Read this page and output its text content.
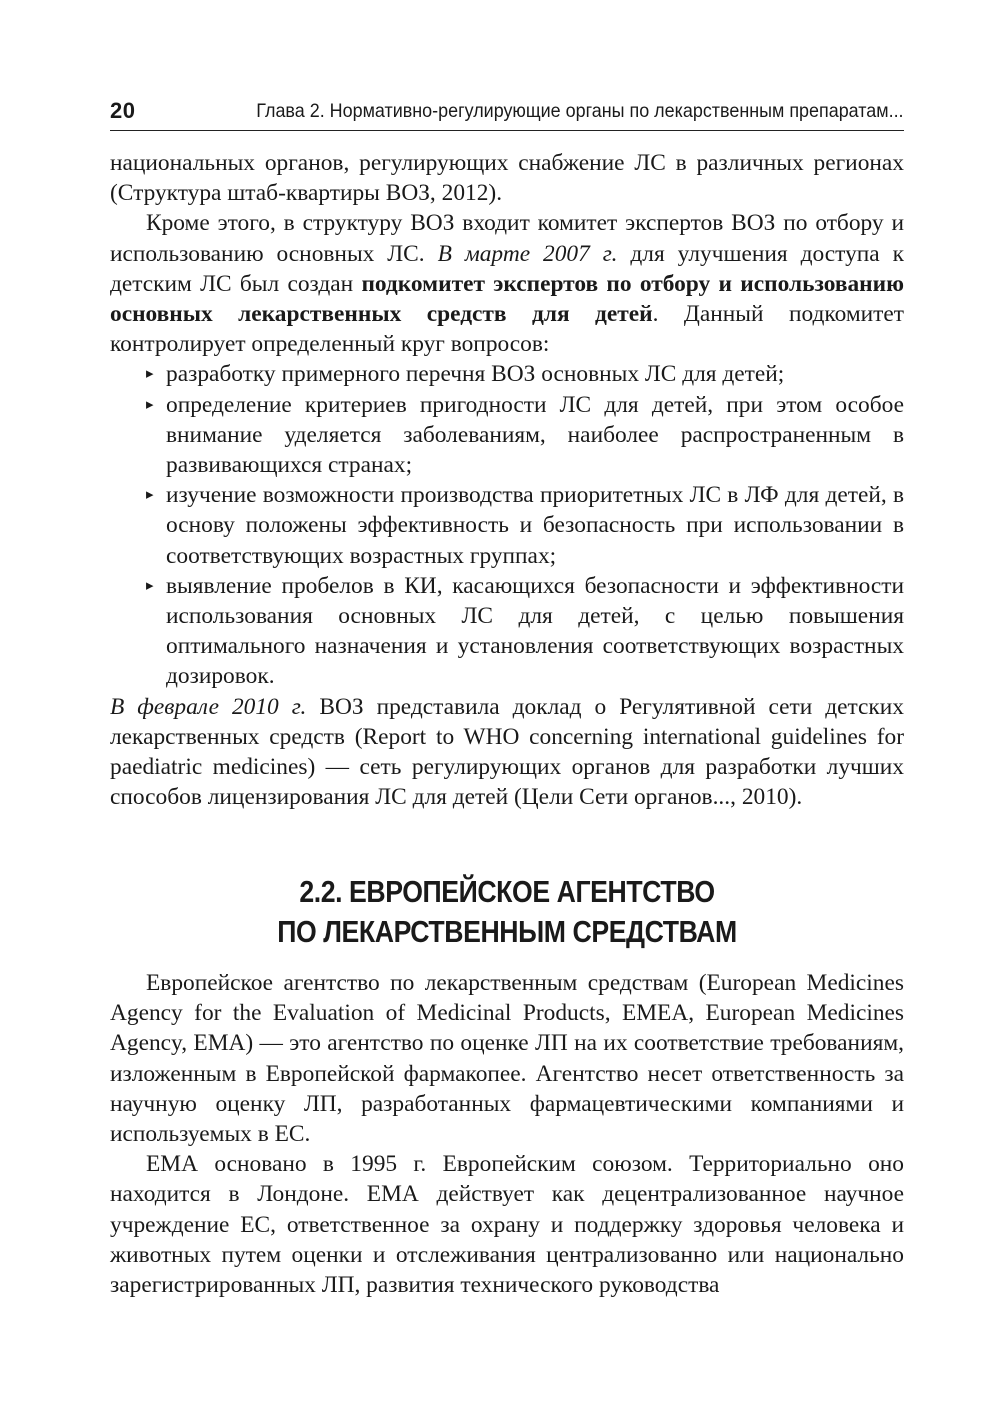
20	Глава 2. Нормативно-регулирующие органы по лекарственным препаратам...

национальных органов, регулирующих снабжение ЛС в различных регионах (Структура штаб-квартиры ВОЗ, 2012).

Кроме этого, в структуру ВОЗ входит комитет экспертов ВОЗ по отбору и использованию основных ЛС. В марте 2007 г. для улучшения доступа к детским ЛС был создан подкомитет экспертов по отбору и использованию основных лекарственных средств для детей. Данный подкомитет контролирует определенный круг вопросов:

▸ разработку примерного перечня ВОЗ основных ЛС для детей;
▸ определение критериев пригодности ЛС для детей, при этом особое внимание уделяется заболеваниям, наиболее распространенным в развивающихся странах;
▸ изучение возможности производства приоритетных ЛС в ЛФ для детей, в основу положены эффективность и безопасность при использовании в соответствующих возрастных группах;
▸ выявление пробелов в КИ, касающихся безопасности и эффективности использования основных ЛС для детей, с целью повышения оптимального назначения и установления соответствующих возрастных дозировок.

В феврале 2010 г. ВОЗ представила доклад о Регулятивной сети детских лекарственных средств (Report to WHO concerning international guidelines for paediatric medicines) — сеть регулирующих органов для разработки лучших способов лицензирования ЛС для детей (Цели Сети органов..., 2010).

2.2. ЕВРОПЕЙСКОЕ АГЕНТСТВО
ПО ЛЕКАРСТВЕННЫМ СРЕДСТВАМ

Европейское агентство по лекарственным средствам (European Medicines Agency for the Evaluation of Medicinal Products, EMEA, European Medicines Agency, EMA) — это агентство по оценке ЛП на их соответствие требованиям, изложенным в Европейской фармакопее. Агентство несет ответственность за научную оценку ЛП, разработанных фармацевтическими компаниями и используемых в ЕС.

ЕМА основано в 1995 г. Европейским союзом. Территориально оно находится в Лондоне. ЕМА действует как децентрализованное научное учреждение ЕС, ответственное за охрану и поддержку здоровья человека и животных путем оценки и отслеживания централизованно или национально зарегистрированных ЛП, развития технического руководства
